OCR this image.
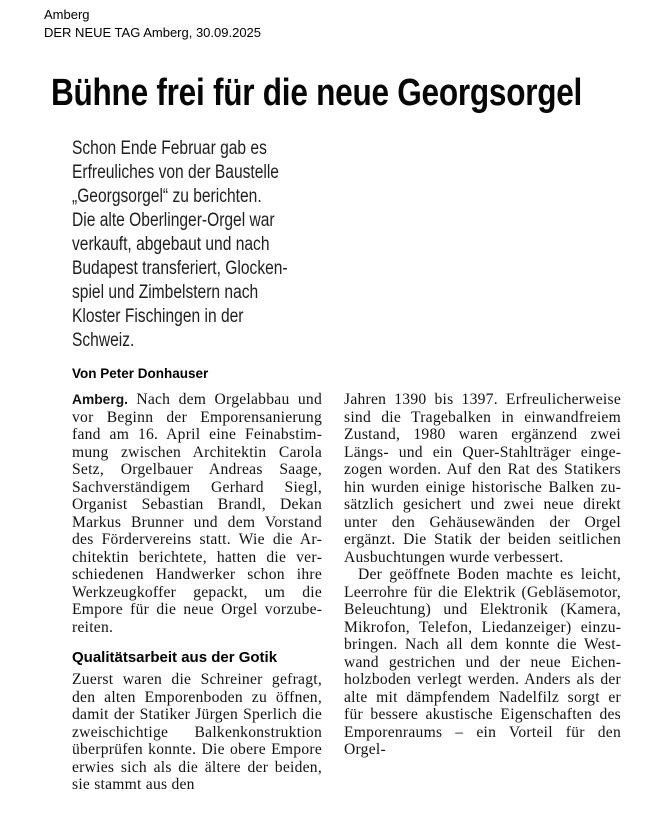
Amberg
DER NEUE TAG Amberg, 30.09.2025
Bühne frei für die neue Georgsorgel
Schon Ende Februar gab es
Erfreuliches von der Baustelle
„Georgsorgel“ zu berichten.
Die alte Oberlinger-Orgel war
verkauft, abgebaut und nach
Budapest transferiert, Glocken-
spiel und Zimbelstern nach
Kloster Fischingen in der
Schweiz.
Von Peter Donhauser

Amberg. Nach dem Orgelabbau und vor Beginn der Emporensanierung fand am 16. April eine Feinabstimmung zwischen Architektin Carola Setz, Orgelbauer Andreas Saage, Sachverständigem Gerhard Siegl, Organist Sebastian Brandl, Dekan Markus Brunner und dem Vorstand des Fördervereins statt. Wie die Architektin berichtete, hatten die verschiedenen Handwerker schon ihre Werkzeugkoffer gepackt, um die Empore für die neue Orgel vorzubereiten.

Qualitätsarbeit aus der Gotik

Zuerst waren die Schreiner gefragt, den alten Emporenboden zu öffnen, damit der Statiker Jürgen Sperlich die zweischichtige Balkenkonstruktion überprüfen konnte. Die obere Empore erwies sich als die ältere der beiden, sie stammt aus den

Jahren 1390 bis 1397. Erfreulicherweise sind die Tragebalken in einwandfreiem Zustand, 1980 waren ergänzend zwei Längs- und ein Quer-Stahlträger eingezogen worden. Auf den Rat des Statikers hin wurden einige historische Balken zusätzlich gesichert und zwei neue direkt unter den Gehäusewänden der Orgel ergänzt. Die Statik der beiden seitlichen Ausbuchtungen wurde verbessert.

Der geöffnete Boden machte es leicht, Leerrohre für die Elektrik (Gebläsemotor, Beleuchtung) und Elektronik (Kamera, Mikrofon, Telefon, Liedanzeiger) einzubringen. Nach all dem konnte die Westwand gestrichen und der neue Eichenholzboden verlegt werden. Anders als der alte mit dämpfendem Nadelfilz sorgt er für bessere akustische Eigenschaften des Emporenraums – ein Vorteil für den Orgel-
